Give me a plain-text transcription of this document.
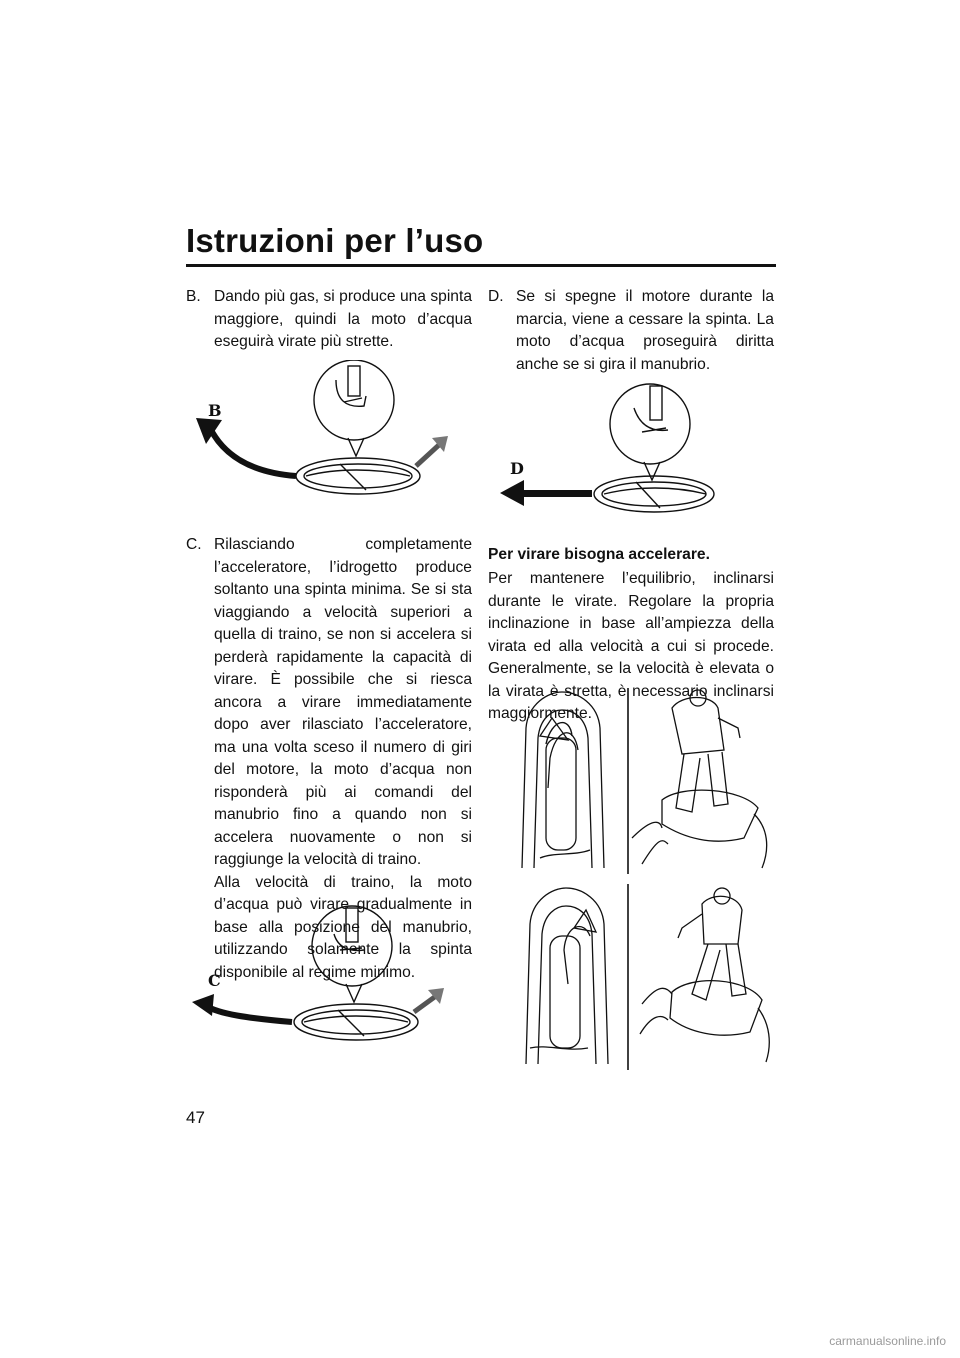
Istruzioni per l’uso
B. Dando più gas, si produce una spinta maggiore, quindi la moto d’acqua eseguirà virate più strette.
B
C. Rilasciando completamente l’acceleratore, l’idrogetto produce soltanto una spinta minima. Se si sta viaggiando a velocità superiori a quella di traino, se non si accelera si perderà rapidamente la capacità di virare. È possibile che si riesca ancora a virare immediatamente dopo aver rilasciato l’acceleratore, ma una volta sceso il numero di giri del motore, la moto d’acqua non risponderà più ai comandi del manubrio fino a quando non si accelera nuovamente o non si raggiunge la velocità di traino.
Alla velocità di traino, la moto d’acqua può virare gradualmente in base alla posizione del manubrio, utilizzando solamente la spinta disponibile al regime minimo.
C
D. Se si spegne il motore durante la marcia, viene a cessare la spinta. La moto d’acqua proseguirà diritta anche se si gira il manubrio.
D
Per virare bisogna accelerare.
Per mantenere l’equilibrio, inclinarsi durante le virate. Regolare la propria inclinazione in base all’ampiezza della virata ed alla velocità a cui si procede. Generalmente, se la velocità è elevata o la virata è stretta, è necessario inclinarsi maggiormente.
47
carmanualsonline.info
